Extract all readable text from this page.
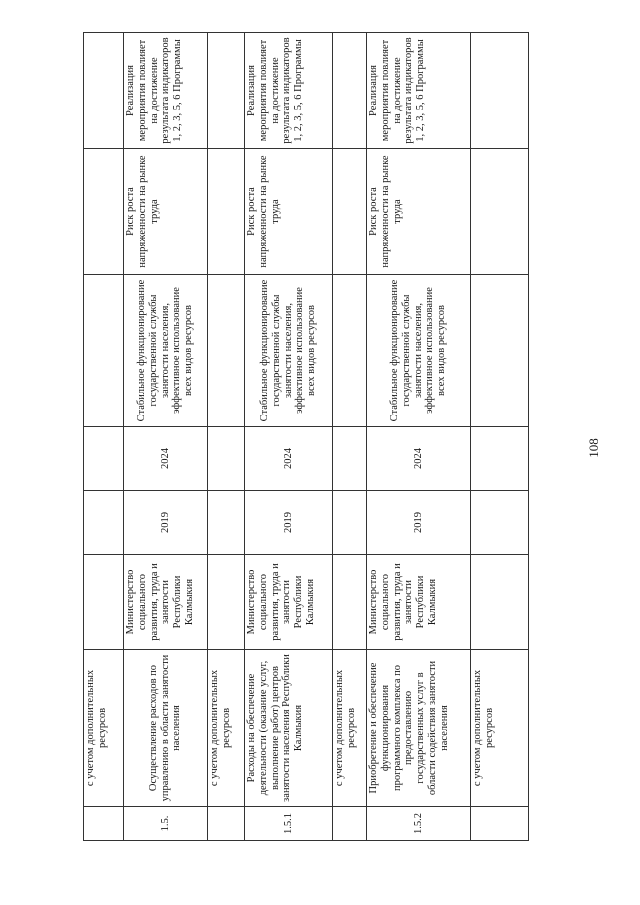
	с учетом дополнительных ресурсов						
1.5.	Осуществление расходов по управлению в области занятости населения	Министерство социального развития, труда и занятости Республики Калмыкия	2019	2024	Стабильное функционирование государственной службы занятости населения, эффективное использование всех видов ресурсов	Риск роста напряженности на рынке труда	Реализация мероприятия повлияет на достижение результата индикаторов 1, 2, 3, 5, 6 Программы
	с учетом дополнительных ресурсов						
1.5.1	Расходы на обеспечение деятельности (оказание услуг, выполнение работ) центров занятости населения Республики Калмыкия	Министерство социального развития, труда и занятости Республики Калмыкия	2019	2024	Стабильное функционирование государственной службы занятости населения, эффективное использование всех видов ресурсов	Риск роста напряженности на рынке труда	Реализация мероприятия повлияет на достижение результата индикаторов 1, 2, 3, 5, 6 Программы
	с учетом дополнительных ресурсов						
1.5.2	Приобретение и обеспечение функционирования программного комплекса по предоставлению государственных услуг в области содействия занятости населения	Министерство социального развития, труда и занятости Республики Калмыкия	2019	2024	Стабильное функционирование государственной службы занятости населения, эффективное использование всех видов ресурсов	Риск роста напряженности на рынке труда	Реализация мероприятия повлияет на достижение результата индикаторов 1, 2, 3, 5, 6 Программы
	с учетом дополнительных ресурсов						
108
